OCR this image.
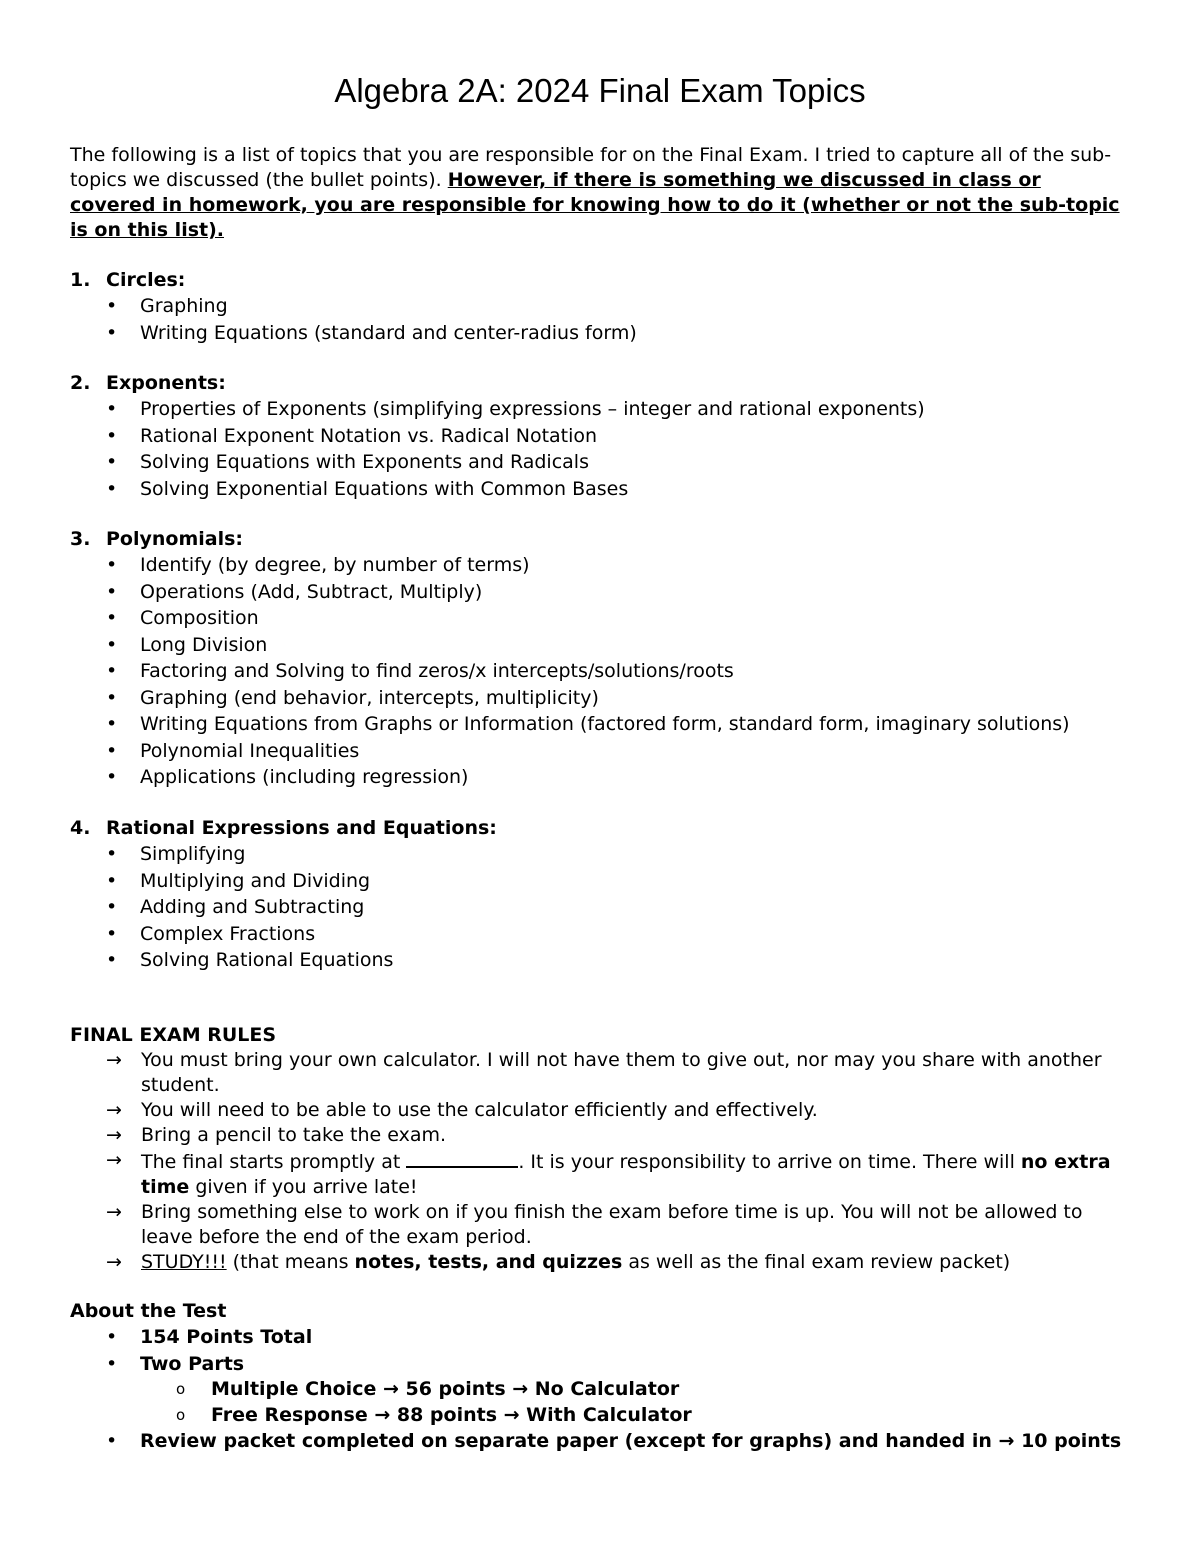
Algebra 2A: 2024 Final Exam Topics

The following is a list of topics that you are responsible for on the Final Exam. I tried to capture all of the sub-topics we discussed (the bullet points). However, if there is something we discussed in class or covered in homework, you are responsible for knowing how to do it (whether or not the sub-topic is on this list).

1. Circles:

• Graphing
• Writing Equations (standard and center-radius form)

2. Exponents:

• Properties of Exponents (simplifying expressions – integer and rational exponents)
• Rational Exponent Notation vs. Radical Notation
• Solving Equations with Exponents and Radicals
• Solving Exponential Equations with Common Bases

3. Polynomials:

• Identify (by degree, by number of terms)
• Operations (Add, Subtract, Multiply)
• Composition
• Long Division
• Factoring and Solving to find zeros/x intercepts/solutions/roots
• Graphing (end behavior, intercepts, multiplicity)
• Writing Equations from Graphs or Information (factored form, standard form, imaginary solutions)
• Polynomial Inequalities
• Applications (including regression)

4. Rational Expressions and Equations:

• Simplifying
• Multiplying and Dividing
• Adding and Subtracting
• Complex Fractions
• Solving Rational Equations

FINAL EXAM RULES

→ You must bring your own calculator. I will not have them to give out, nor may you share with another student.
→ You will need to be able to use the calculator efficiently and effectively.
→ Bring a pencil to take the exam.
→ The final starts promptly at	. It is your responsibility to arrive on time. There will no extra time given if you arrive late!
→ Bring something else to work on if you finish the exam before time is up. You will not be allowed to leave before the end of the exam period.
→ STUDY!!! (that means notes, tests, and quizzes as well as the final exam review packet)

About the Test

• 154 Points Total
• Two Parts
o Multiple Choice → 56 points → No Calculator
o Free Response → 88 points → With Calculator
• Review packet completed on separate paper (except for graphs) and handed in → 10 points
